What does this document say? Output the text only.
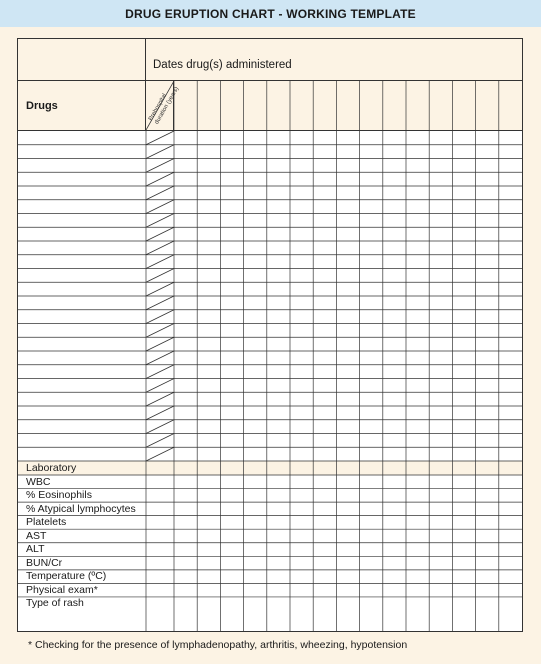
DRUG ERUPTION CHART - WORKING TEMPLATE
Dates drug(s) administered
Drugs	Prehospital duration (years)
Laboratory
WBC
% Eosinophils
% Atypical lymphocytes
Platelets
AST
ALT
BUN/Cr
Temperature (ºC)
Physical exam*
Type of rash
* Checking for the presence of lymphadenopathy, arthritis, wheezing, hypotension
